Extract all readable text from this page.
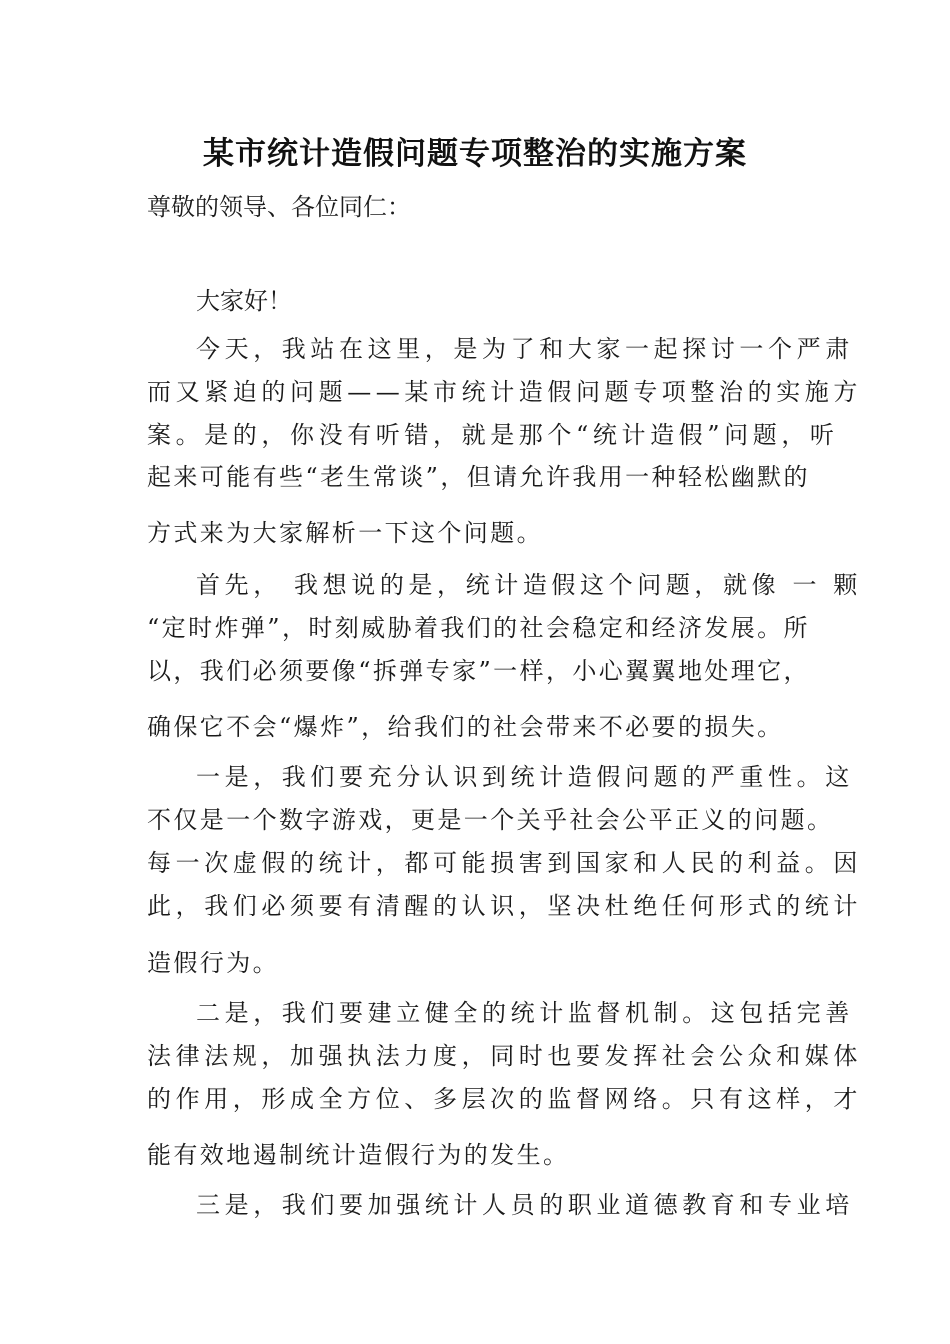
某市统计造假问题专项整治的实施方案
尊敬的领导、各位同仁：
大家好！
今天，我站在这里，是为了和大家一起探讨一个严肃
而又紧迫的问题——某市统计造假问题专项整治的实施方
案。是的，你没有听错，就是那个“统计造假”问题，听
起来可能有些“老生常谈”，但请允许我用一种轻松幽默的
方式来为大家解析一下这个问题。
首先， 我想说的是，统计造假这个问题，就像 一 颗
“定时炸弹”，时刻威胁着我们的社会稳定和经济发展。所
以，我们必须要像“拆弹专家”一样，小心翼翼地处理它，
确保它不会“爆炸”，给我们的社会带来不必要的损失。
一是，我们要充分认识到统计造假问题的严重性。这
不仅是一个数字游戏，更是一个关乎社会公平正义的问题。
每一次虚假的统计，都可能损害到国家和人民的利益。因
此，我们必须要有清醒的认识，坚决杜绝任何形式的统计
造假行为。
二是，我们要建立健全的统计监督机制。这包括完善
法律法规，加强执法力度，同时也要发挥社会公众和媒体
的作用，形成全方位、多层次的监督网络。只有这样，才
能有效地遏制统计造假行为的发生。
三是，我们要加强统计人员的职业道德教育和专业培
